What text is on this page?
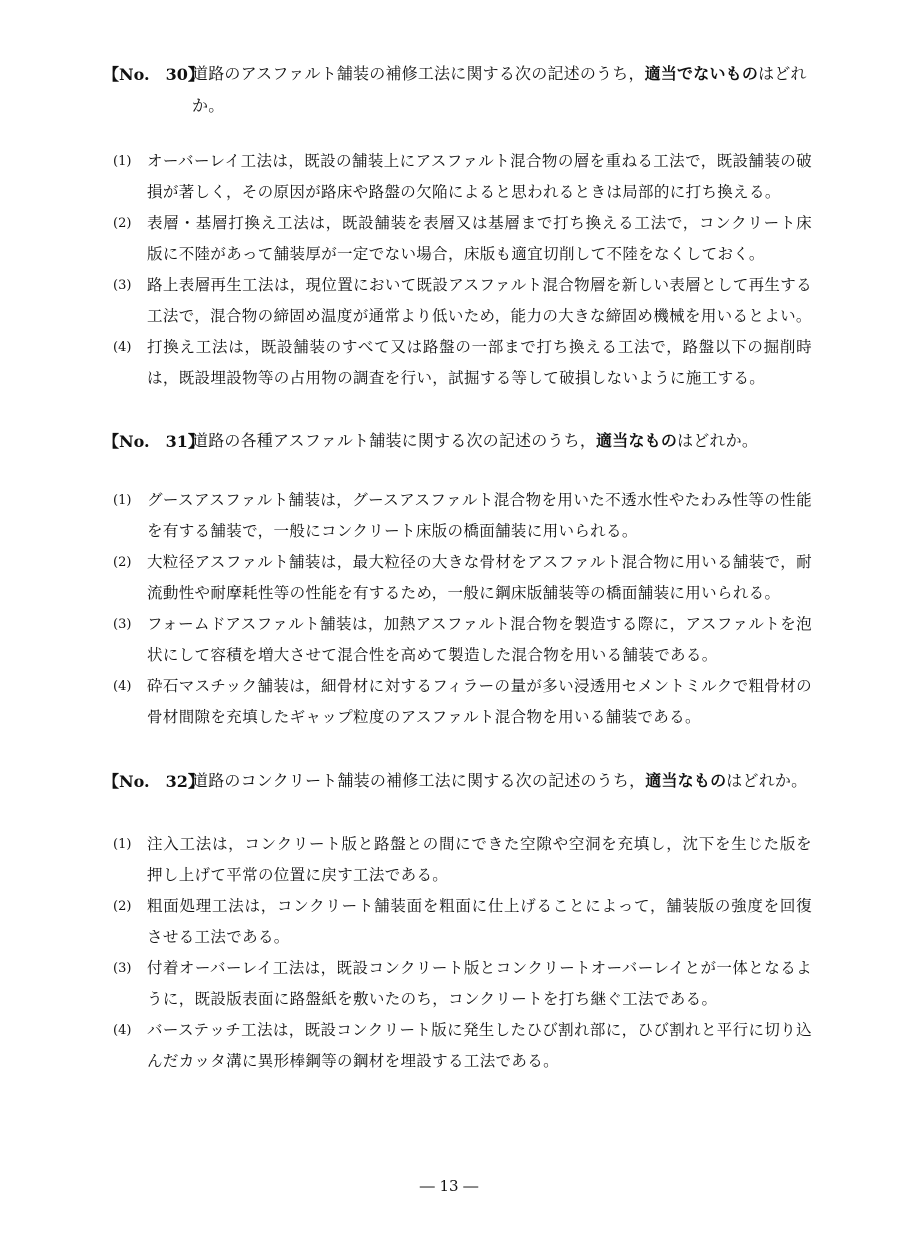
【No.　30】
道路のアスファルト舗装の補修工法に関する次の記述のうち，適当でないものはどれか。
(1) オーバーレイ工法は，既設の舗装上にアスファルト混合物の層を重ねる工法で，既設舗装の破損が著しく，その原因が路床や路盤の欠陥によると思われるときは局部的に打ち換える。
(2) 表層・基層打換え工法は，既設舗装を表層又は基層まで打ち換える工法で，コンクリート床版に不陸があって舗装厚が一定でない場合，床版も適宜切削して不陸をなくしておく。
(3) 路上表層再生工法は，現位置において既設アスファルト混合物層を新しい表層として再生する工法で，混合物の締固め温度が通常より低いため，能力の大きな締固め機械を用いるとよい。
(4) 打換え工法は，既設舗装のすべて又は路盤の一部まで打ち換える工法で，路盤以下の掘削時は，既設埋設物等の占用物の調査を行い，試掘する等して破損しないように施工する。
【No.　31】
道路の各種アスファルト舗装に関する次の記述のうち，適当なものはどれか。
(1) グースアスファルト舗装は，グースアスファルト混合物を用いた不透水性やたわみ性等の性能を有する舗装で，一般にコンクリート床版の橋面舗装に用いられる。
(2) 大粒径アスファルト舗装は，最大粒径の大きな骨材をアスファルト混合物に用いる舗装で，耐流動性や耐摩耗性等の性能を有するため，一般に鋼床版舗装等の橋面舗装に用いられる。
(3) フォームドアスファルト舗装は，加熱アスファルト混合物を製造する際に，アスファルトを泡状にして容積を増大させて混合性を高めて製造した混合物を用いる舗装である。
(4) 砕石マスチック舗装は，細骨材に対するフィラーの量が多い浸透用セメントミルクで粗骨材の骨材間隙を充填したギャップ粒度のアスファルト混合物を用いる舗装である。
【No.　32】
道路のコンクリート舗装の補修工法に関する次の記述のうち，適当なものはどれか。
(1) 注入工法は，コンクリート版と路盤との間にできた空隙や空洞を充填し，沈下を生じた版を押し上げて平常の位置に戻す工法である。
(2) 粗面処理工法は，コンクリート舗装面を粗面に仕上げることによって，舗装版の強度を回復させる工法である。
(3) 付着オーバーレイ工法は，既設コンクリート版とコンクリートオーバーレイとが一体となるように，既設版表面に路盤紙を敷いたのち，コンクリートを打ち継ぐ工法である。
(4) バーステッチ工法は，既設コンクリート版に発生したひび割れ部に，ひび割れと平行に切り込んだカッタ溝に異形棒鋼等の鋼材を埋設する工法である。
― 13 ―
